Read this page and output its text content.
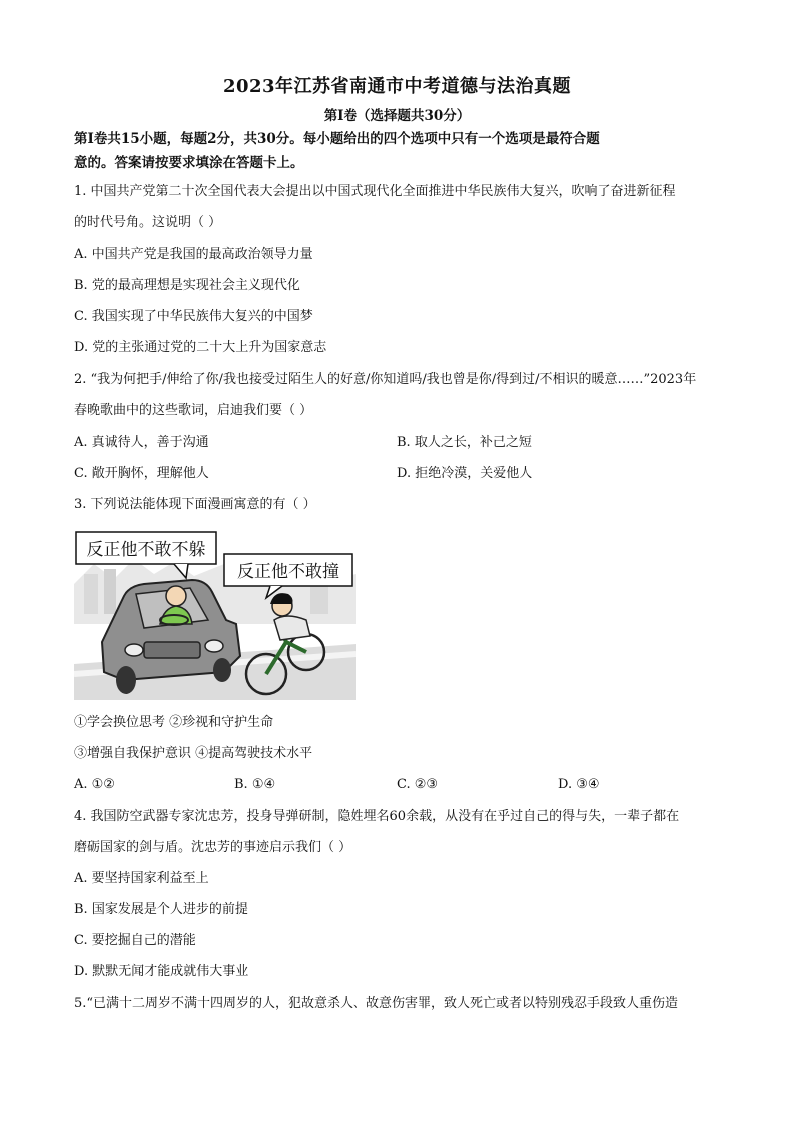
2023年江苏省南通市中考道德与法治真题
第Ⅰ卷（选择题共30分）
第Ⅰ卷共15小题，每题2分，共30分。每小题给出的四个选项中只有一个选项是最符合题
意的。答案请按要求填涂在答题卡上。
1. 中国共产党第二十次全国代表大会提出以中国式现代化全面推进中华民族伟大复兴，吹响了奋进新征程
的时代号角。这说明（ ）
A. 中国共产党是我国的最高政治领导力量
B. 党的最高理想是实现社会主义现代化
C. 我国实现了中华民族伟大复兴的中国梦
D. 党的主张通过党的二十大上升为国家意志
2. “我为何把手/伸给了你/我也接受过陌生人的好意/你知道吗/我也曾是你/得到过/不相识的暖意……”2023年
春晚歌曲中的这些歌词，启迪我们要（ ）
A. 真诚待人，善于沟通	B. 取人之长，补己之短
C. 敞开胸怀，理解他人	D. 拒绝冷漠，关爱他人
3. 下列说法能体现下面漫画寓意的有（ ）
反正他不敢不躲
反正他不敢撞
①学会换位思考 ②珍视和守护生命
③增强自我保护意识 ④提高驾驶技术水平
A. ①②	B. ①④	C. ②③	D. ③④
4. 我国防空武器专家沈忠芳，投身导弹研制，隐姓埋名60余载，从没有在乎过自己的得与失，一辈子都在
磨砺国家的剑与盾。沈忠芳的事迹启示我们（ ）
A. 要坚持国家利益至上
B. 国家发展是个人进步的前提
C. 要挖掘自己的潜能
D. 默默无闻才能成就伟大事业
5.“已满十二周岁不满十四周岁的人，犯故意杀人、故意伤害罪，致人死亡或者以特别残忍手段致人重伤造
